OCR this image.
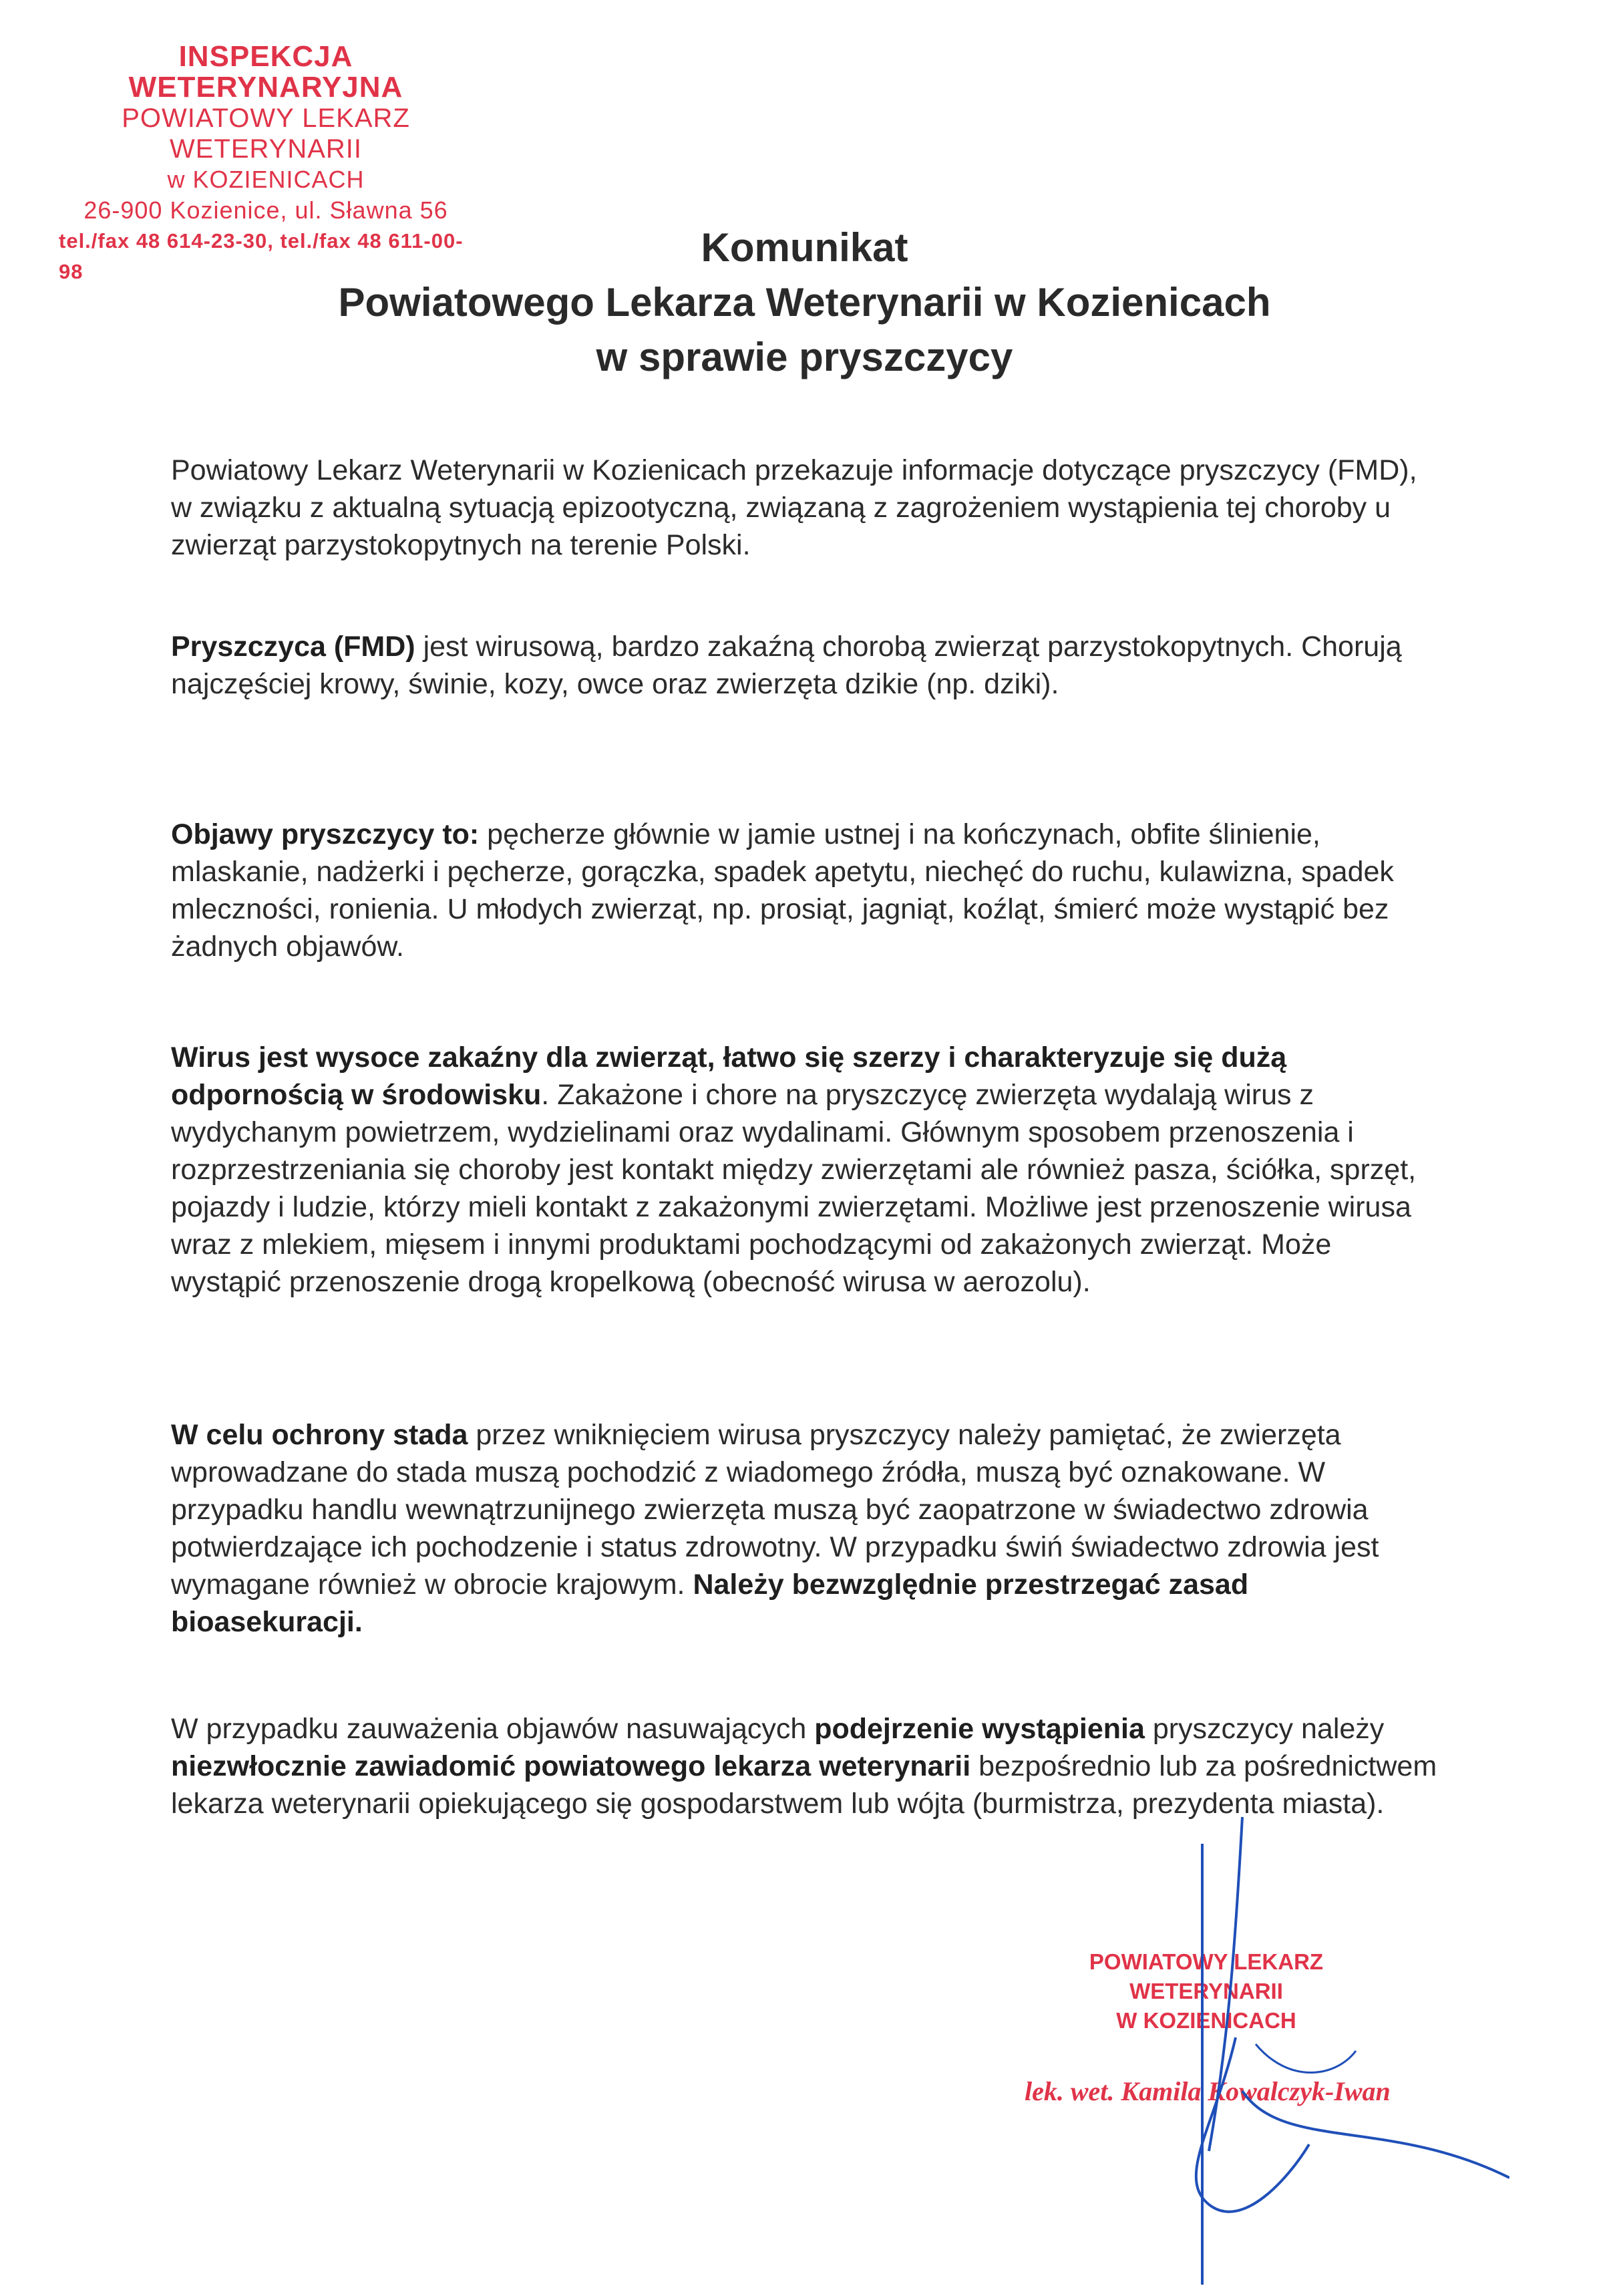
INSPEKCJA WETERYNARYJNA
POWIATOWY LEKARZ WETERYNARII
w KOZIENICACH
26-900 Kozienice, ul. Sławna 56
tel./fax 48 614-23-30, tel./fax 48 611-00-98
Komunikat
Powiatowego Lekarza Weterynarii w Kozienicach
w sprawie pryszczycy
Powiatowy Lekarz Weterynarii w Kozienicach przekazuje informacje dotyczące pryszczycy (FMD), w związku z aktualną sytuacją epizootyczną, związaną z zagrożeniem wystąpienia tej choroby u zwierząt parzystokopytnych na terenie Polski.
Pryszczyca (FMD) jest wirusową, bardzo zakaźną chorobą zwierząt parzystokopytnych. Chorują najczęściej krowy, świnie, kozy, owce oraz zwierzęta dzikie (np. dziki).
Objawy pryszczycy to: pęcherze głównie w jamie ustnej i na kończynach, obfite ślinienie, mlaskanie, nadżerki i pęcherze, gorączka, spadek apetytu, niechęć do ruchu, kulawizna, spadek mleczności, ronienia. U młodych zwierząt, np. prosiąt, jagniąt, koźląt, śmierć może wystąpić bez żadnych objawów.
Wirus jest wysoce zakaźny dla zwierząt, łatwo się szerzy i charakteryzuje się dużą odpornością w środowisku. Zakażone i chore na pryszczycę zwierzęta wydalają wirus z wydychanym powietrzem, wydzielinami oraz wydalinami. Głównym sposobem przenoszenia i rozprzestrzeniania się choroby jest kontakt między zwierzętami ale również pasza, ściółka, sprzęt, pojazdy i ludzie, którzy mieli kontakt z zakażonymi zwierzętami. Możliwe jest przenoszenie wirusa wraz z mlekiem, mięsem i innymi produktami pochodzącymi od zakażonych zwierząt. Może wystąpić przenoszenie drogą kropelkową (obecność wirusa w aerozolu).
W celu ochrony stada przez wniknięciem wirusa pryszczycy należy pamiętać, że zwierzęta wprowadzane do stada muszą pochodzić z wiadomego źródła, muszą być oznakowane. W przypadku handlu wewnątrzunijnego zwierzęta muszą być zaopatrzone w świadectwo zdrowia potwierdzające ich pochodzenie i status zdrowotny. W przypadku świń świadectwo zdrowia jest wymagane również w obrocie krajowym. Należy bezwzględnie przestrzegać zasad bioasekuracji.
W przypadku zauważenia objawów nasuwających podejrzenie wystąpienia pryszczycy należy niezwłocznie zawiadomić powiatowego lekarza weterynarii bezpośrednio lub za pośrednictwem lekarza weterynarii opiekującego się gospodarstwem lub wójta (burmistrza, prezydenta miasta).
POWIATOWY LEKARZ WETERYNARII
W KOZIENICACH
lek. wet. Kamila Kowalczyk-Iwan
